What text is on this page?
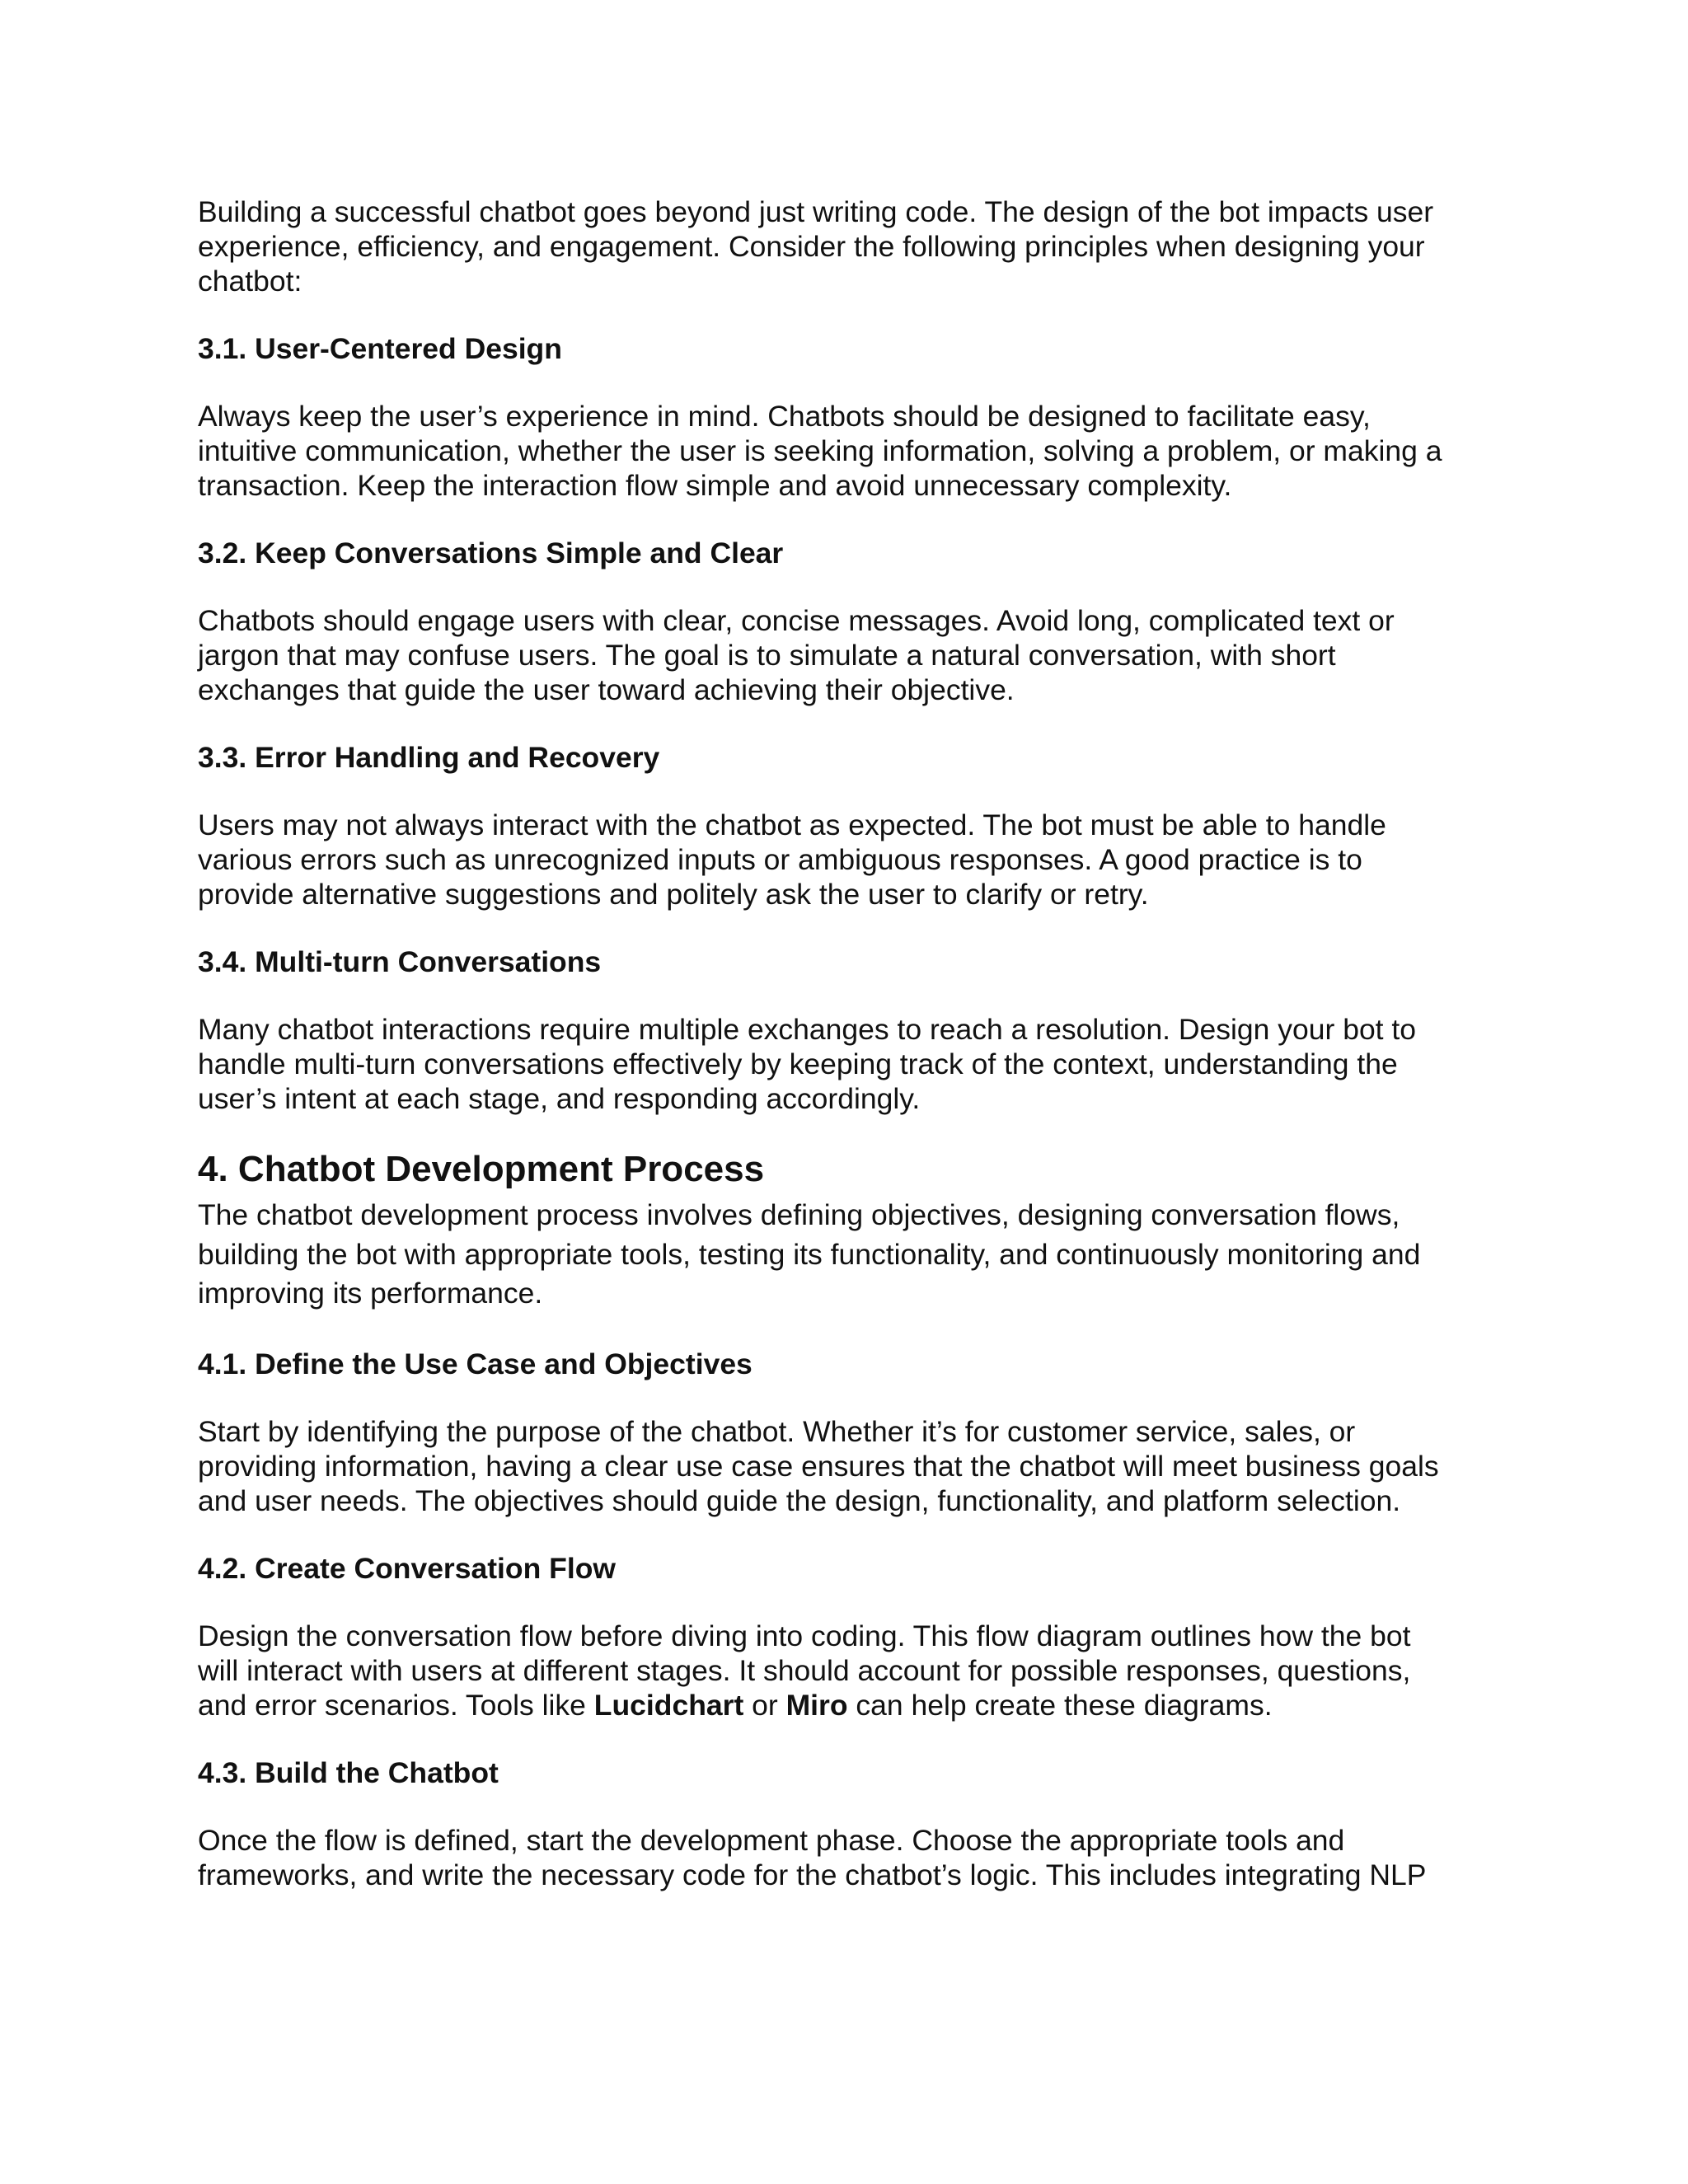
Building a successful chatbot goes beyond just writing code. The design of the bot impacts user
experience, efficiency, and engagement. Consider the following principles when designing your
chatbot:

3.1. User-Centered Design

Always keep the user’s experience in mind. Chatbots should be designed to facilitate easy,
intuitive communication, whether the user is seeking information, solving a problem, or making a
transaction. Keep the interaction flow simple and avoid unnecessary complexity.

3.2. Keep Conversations Simple and Clear

Chatbots should engage users with clear, concise messages. Avoid long, complicated text or
jargon that may confuse users. The goal is to simulate a natural conversation, with short
exchanges that guide the user toward achieving their objective.

3.3. Error Handling and Recovery

Users may not always interact with the chatbot as expected. The bot must be able to handle
various errors such as unrecognized inputs or ambiguous responses. A good practice is to
provide alternative suggestions and politely ask the user to clarify or retry.

3.4. Multi-turn Conversations

Many chatbot interactions require multiple exchanges to reach a resolution. Design your bot to
handle multi-turn conversations effectively by keeping track of the context, understanding the
user’s intent at each stage, and responding accordingly.

4. Chatbot Development Process

The chatbot development process involves defining objectives, designing conversation flows,
building the bot with appropriate tools, testing its functionality, and continuously monitoring and
improving its performance.

4.1. Define the Use Case and Objectives

Start by identifying the purpose of the chatbot. Whether it’s for customer service, sales, or
providing information, having a clear use case ensures that the chatbot will meet business goals
and user needs. The objectives should guide the design, functionality, and platform selection.

4.2. Create Conversation Flow

Design the conversation flow before diving into coding. This flow diagram outlines how the bot
will interact with users at different stages. It should account for possible responses, questions,
and error scenarios. Tools like Lucidchart or Miro can help create these diagrams.

4.3. Build the Chatbot

Once the flow is defined, start the development phase. Choose the appropriate tools and
frameworks, and write the necessary code for the chatbot’s logic. This includes integrating NLP
